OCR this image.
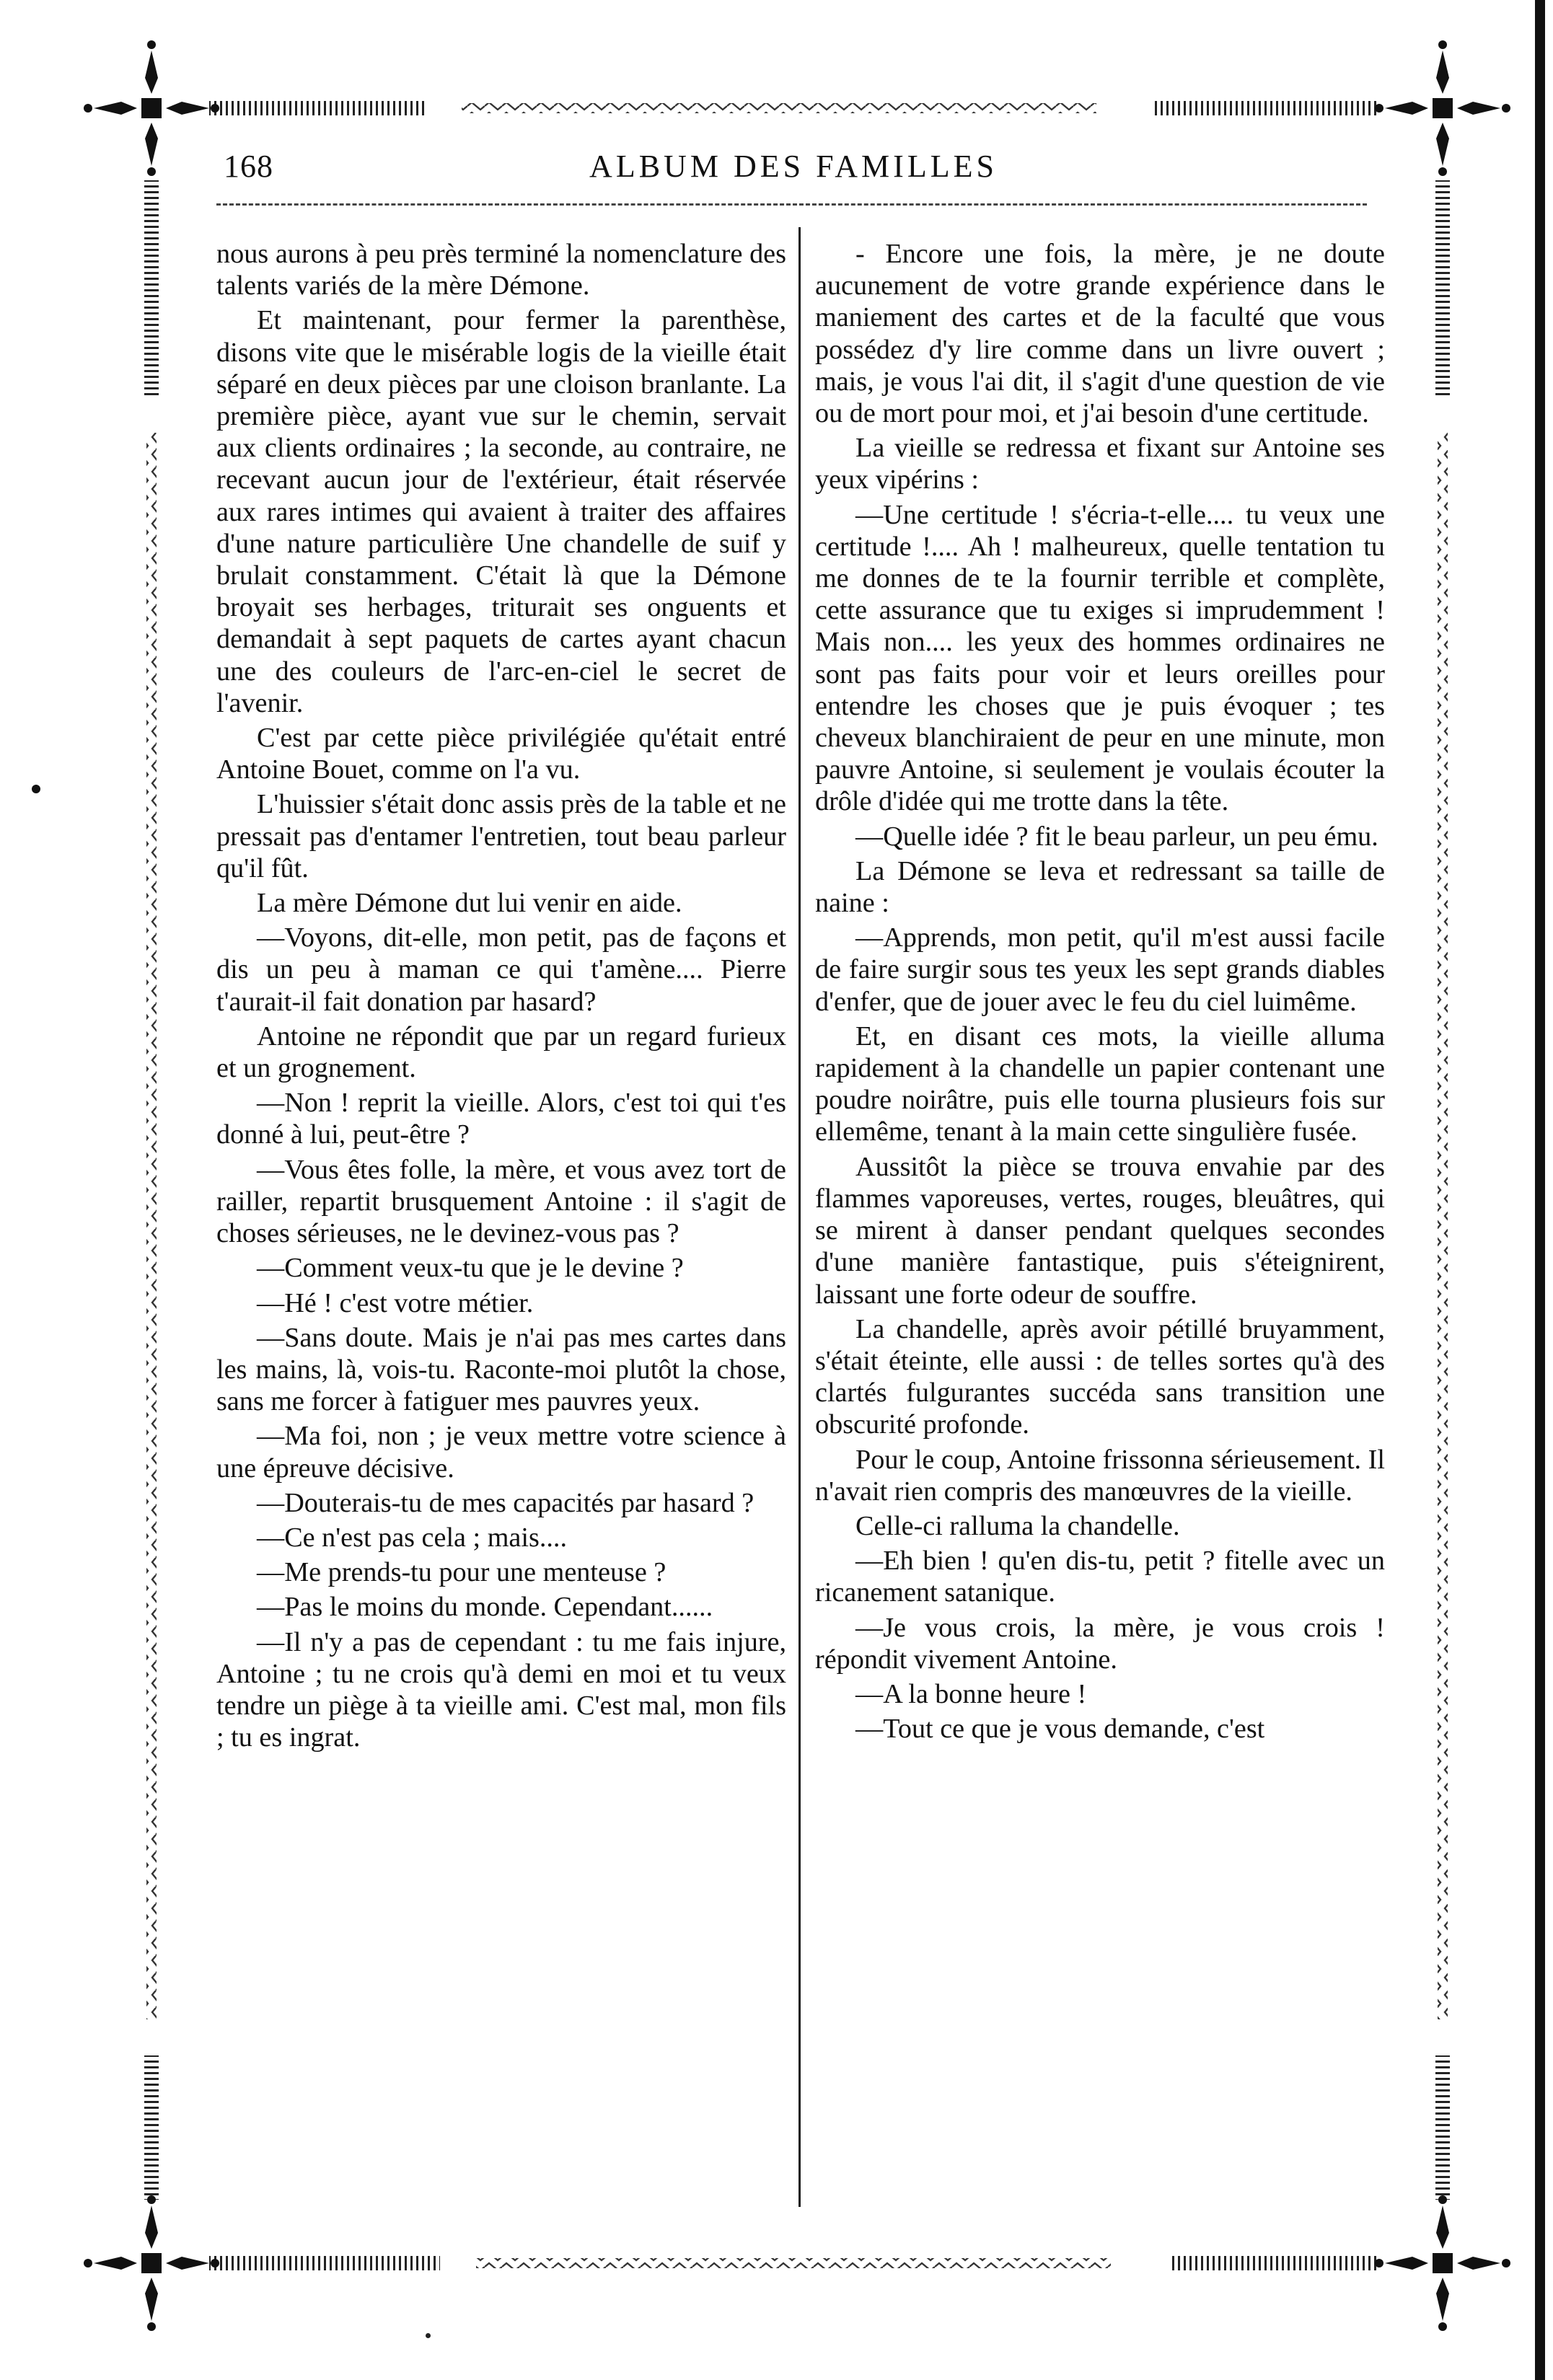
168	ALBUM DES FAMILLES

nous aurons à peu près terminé la nomenclature des talents variés de la mère Démone.

Et maintenant, pour fermer la parenthèse, disons vite que le misérable logis de la vieille était séparé en deux pièces par une cloison branlante. La première pièce, ayant vue sur le chemin, servait aux clients ordinaires ; la seconde, au contraire, ne recevant aucun jour de l'extérieur, était réservée aux rares intimes qui avaient à traiter des affaires d'une nature particulière Une chandelle de suif y brulait constamment. C'était là que la Démone broyait ses herbages, triturait ses onguents et demandait à sept paquets de cartes ayant chacun une des couleurs de l'arc-en-ciel le secret de l'avenir.

C'est par cette pièce privilégiée qu'était entré Antoine Bouet, comme on l'a vu.

L'huissier s'était donc assis près de la table et ne pressait pas d'entamer l'entretien, tout beau parleur qu'il fût.

La mère Démone dut lui venir en aide.

—Voyons, dit-elle, mon petit, pas de façons et dis un peu à maman ce qui t'amène.... Pierre t'aurait-il fait donation par hasard?

Antoine ne répondit que par un regard furieux et un grognement.

—Non ! reprit la vieille. Alors, c'est toi qui t'es donné à lui, peut-être ?

—Vous êtes folle, la mère, et vous avez tort de railler, repartit brusquement Antoine : il s'agit de choses sérieuses, ne le devinez-vous pas ?

—Comment veux-tu que je le devine ?

—Hé ! c'est votre métier.

—Sans doute. Mais je n'ai pas mes cartes dans les mains, là, vois-tu. Raconte-moi plutôt la chose, sans me forcer à fatiguer mes pauvres yeux.

—Ma foi, non ; je veux mettre votre science à une épreuve décisive.

—Douterais-tu de mes capacités par hasard ?

—Ce n'est pas cela ; mais....

—Me prends-tu pour une menteuse ?

—Pas le moins du monde. Cependant......

—Il n'y a pas de cependant : tu me fais injure, Antoine ; tu ne crois qu'à demi en moi et tu veux tendre un piège à ta vieille ami. C'est mal, mon fils ; tu es ingrat.

- Encore une fois, la mère, je ne doute aucunement de votre grande expérience dans le maniement des cartes et de la faculté que vous possédez d'y lire comme dans un livre ouvert ; mais, je vous l'ai dit, il s'agit d'une question de vie ou de mort pour moi, et j'ai besoin d'une certitude.

La vieille se redressa et fixant sur Antoine ses yeux vipérins :

—Une certitude ! s'écria-t-elle.... tu veux une certitude !.... Ah ! malheureux, quelle tentation tu me donnes de te la fournir terrible et complète, cette assurance que tu exiges si imprudemment ! Mais non.... les yeux des hommes ordinaires ne sont pas faits pour voir et leurs oreilles pour entendre les choses que je puis évoquer ; tes cheveux blanchiraient de peur en une minute, mon pauvre Antoine, si seulement je voulais écouter la drôle d'idée qui me trotte dans la tête.

—Quelle idée ? fit le beau parleur, un peu ému.

La Démone se leva et redressant sa taille de naine :

—Apprends, mon petit, qu'il m'est aussi facile de faire surgir sous tes yeux les sept grands diables d'enfer, que de jouer avec le feu du ciel luimême.

Et, en disant ces mots, la vieille alluma rapidement à la chandelle un papier contenant une poudre noirâtre, puis elle tourna plusieurs fois sur ellemême, tenant à la main cette singulière fusée.

Aussitôt la pièce se trouva envahie par des flammes vaporeuses, vertes, rouges, bleuâtres, qui se mirent à danser pendant quelques secondes d'une manière fantastique, puis s'éteignirent, laissant une forte odeur de souffre.

La chandelle, après avoir pétillé bruyamment, s'était éteinte, elle aussi : de telles sortes qu'à des clartés fulgurantes succéda sans transition une obscurité profonde.

Pour le coup, Antoine frissonna sérieusement. Il n'avait rien compris des manœuvres de la vieille.

Celle-ci ralluma la chandelle.

—Eh bien ! qu'en dis-tu, petit ? fitelle avec un ricanement satanique.

—Je vous crois, la mère, je vous crois ! répondit vivement Antoine.

—A la bonne heure !

—Tout ce que je vous demande, c'est
